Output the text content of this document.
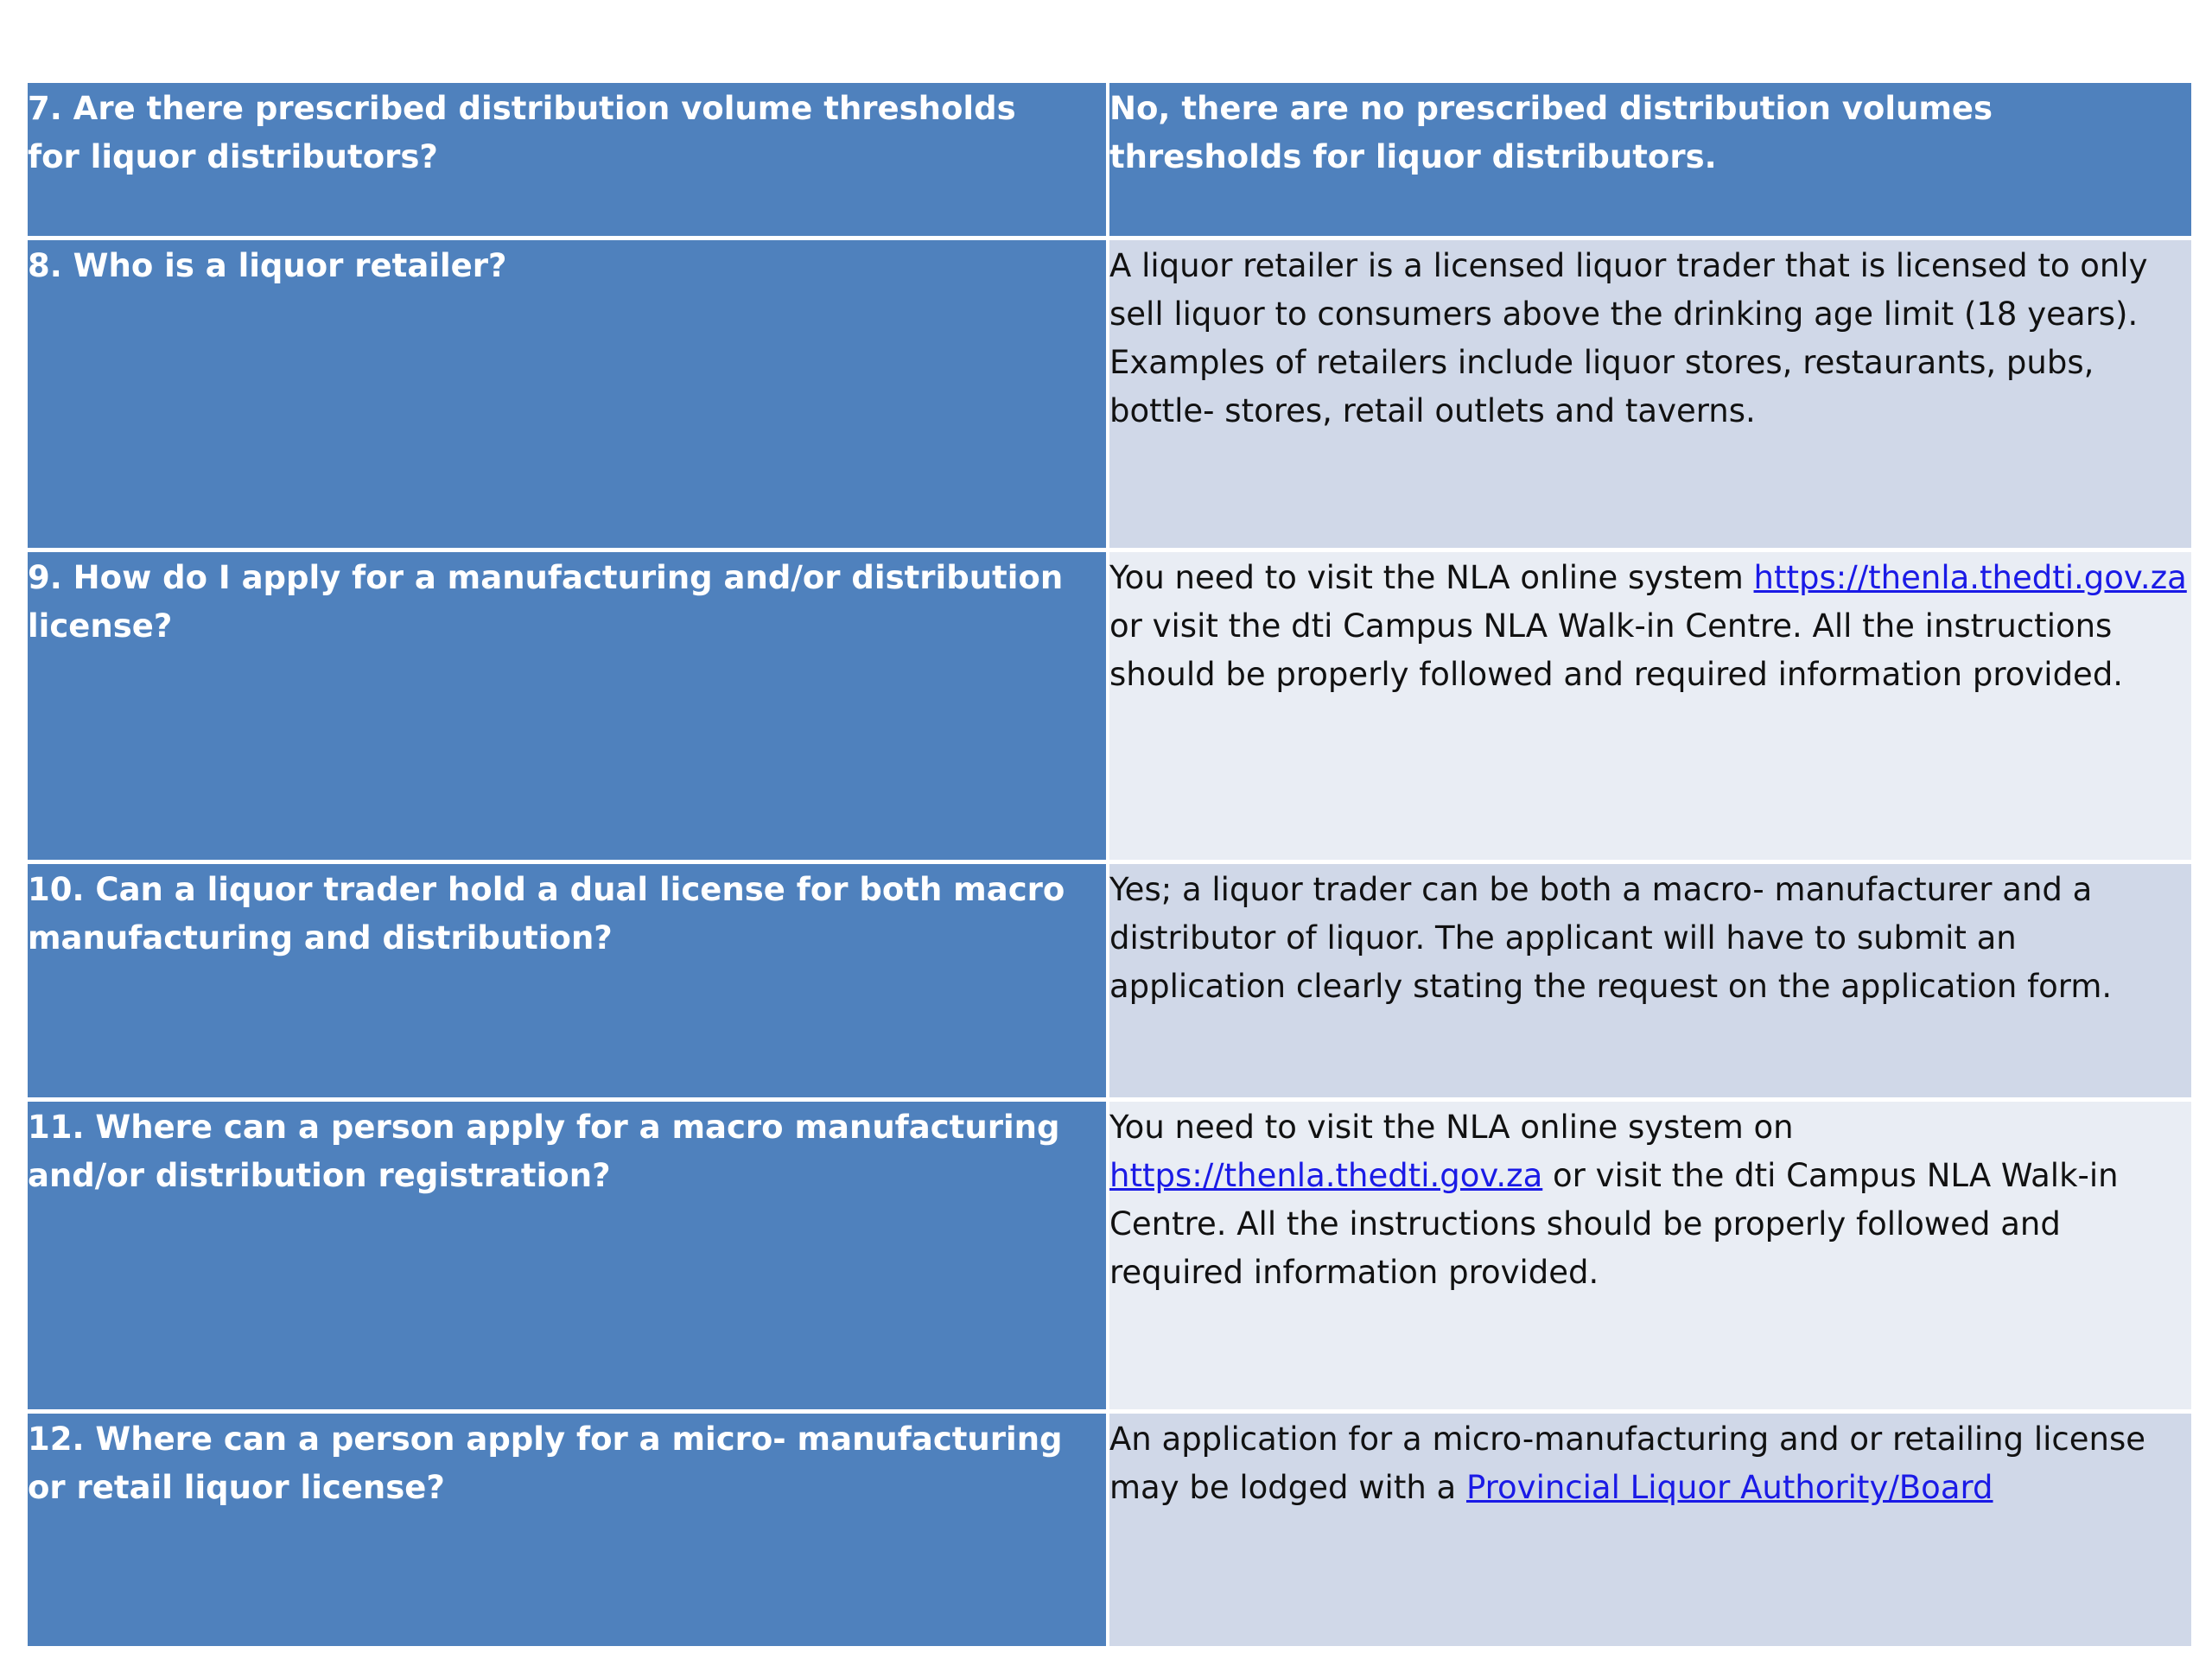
7. Are there prescribed distribution volume thresholds for liquor distributors?
No, there are no prescribed distribution volumes thresholds for liquor distributors.
8. Who is a liquor retailer?	A liquor retailer is a licensed liquor trader that is licensed to only sell liquor to consumers above the drinking age limit (18 years). Examples of retailers include liquor stores, restaurants, pubs, bottle- stores, retail outlets and taverns.
9. How do I apply for a manufacturing and/or distribution license?
You need to visit the NLA online system https://thenla.thedti.gov.za or visit the dti Campus NLA Walk-in Centre. All the instructions should be properly followed and required information provided.
10. Can a liquor trader hold a dual license for both macro manufacturing and distribution?
Yes; a liquor trader can be both a macro- manufacturer and a distributor of liquor. The applicant will have to submit an application clearly stating the request on the application form.
11. Where can a person apply for a macro manufacturing and/or distribution registration?
You need to visit the NLA online system on https://thenla.thedti.gov.za or visit the dti Campus NLA Walk-in Centre. All the instructions should be properly followed and required information provided.
12. Where can a person apply for a micro- manufacturing or retail liquor license?
An application for a micro-manufacturing and or retailing license may be lodged with a Provincial Liquor Authority/Board
